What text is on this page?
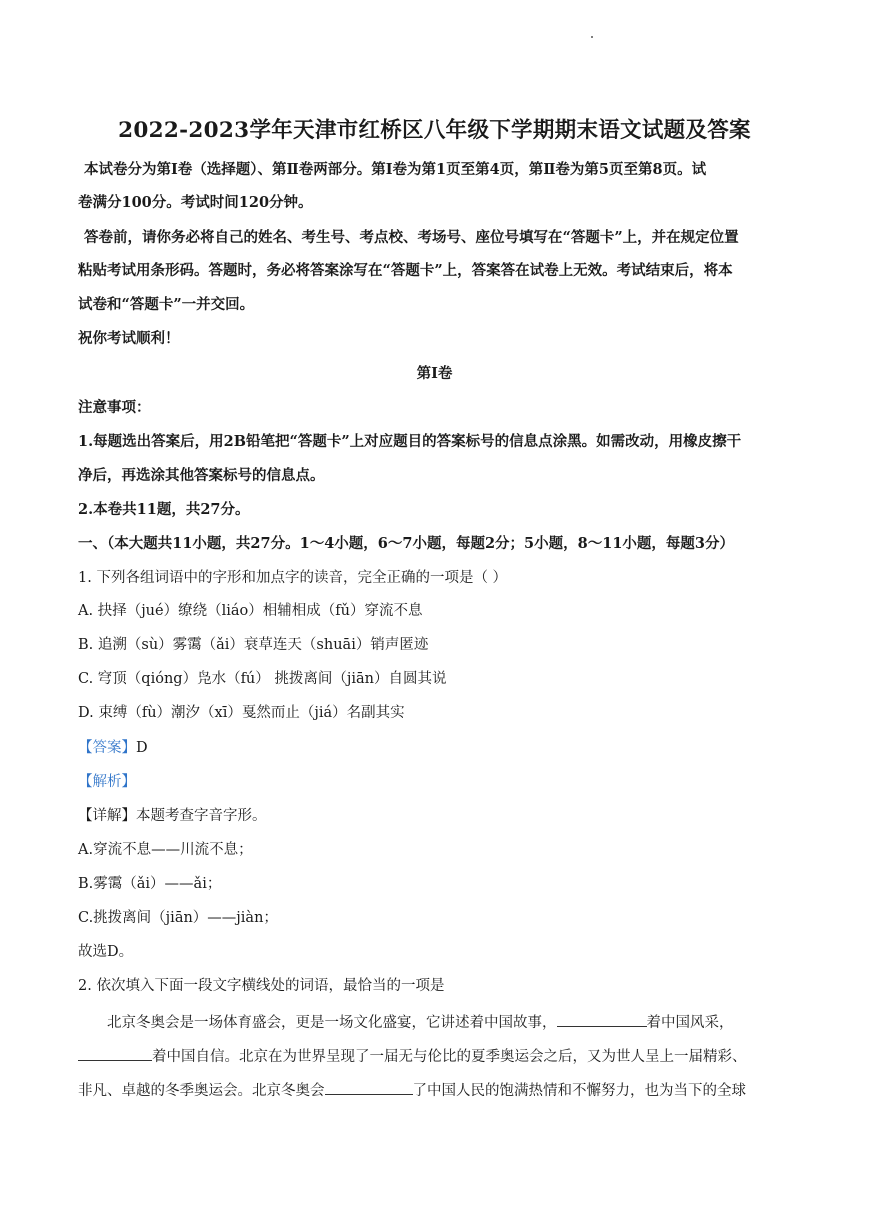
2022-2023学年天津市红桥区八年级下学期期末语文试题及答案
本试卷分为第Ⅰ卷（选择题）、第Ⅱ卷两部分。第Ⅰ卷为第1页至第4页，第Ⅱ卷为第5页至第8页。试
卷满分100分。考试时间120分钟。
答卷前，请你务必将自己的姓名、考生号、考点校、考场号、座位号填写在“答题卡”上，并在规定位置
粘贴考试用条形码。答题时，务必将答案涂写在“答题卡”上，答案答在试卷上无效。考试结束后，将本
试卷和“答题卡”一并交回。
祝你考试顺利！
第Ⅰ卷
注意事项：
1.每题选出答案后，用2B铅笔把“答题卡”上对应题目的答案标号的信息点涂黑。如需改动，用橡皮擦干
净后，再选涂其他答案标号的信息点。
2.本卷共11题，共27分。
一、（本大题共11小题，共27分。1～4小题，6～7小题，每题2分；5小题，8～11小题，每题3分）
1. 下列各组词语中的字形和加点字的读音，完全正确的一项是（ ）
A. 抉择（jué）缭绕（liáo）相辅相成（fǔ）穿流不息
B. 追溯（sù）雾霭（ǎi）衰草连天（shuāi）销声匿迹
C. 穹顶（qióng）凫水（fú） 挑拨离间（jiān）自圆其说
D. 束缚（fù）潮汐（xī）戛然而止（jiá）名副其实
【答案】D
【解析】
【详解】本题考查字音字形。
A.穿流不息——川流不息；
B.雾霭（ǎi）——ǎi；
C.挑拨离间（jiān）——jiàn；
故选D。
2. 依次填入下面一段文字横线处的词语，最恰当的一项是
北京冬奥会是一场体育盛会，更是一场文化盛宴，它讲述着中国故事，	着中国风采，
着中国自信。北京在为世界呈现了一届无与伦比的夏季奥运会之后，又为世人呈上一届精彩、
非凡、卓越的冬季奥运会。北京冬奥会	了中国人民的饱满热情和不懈努力，也为当下的全球
